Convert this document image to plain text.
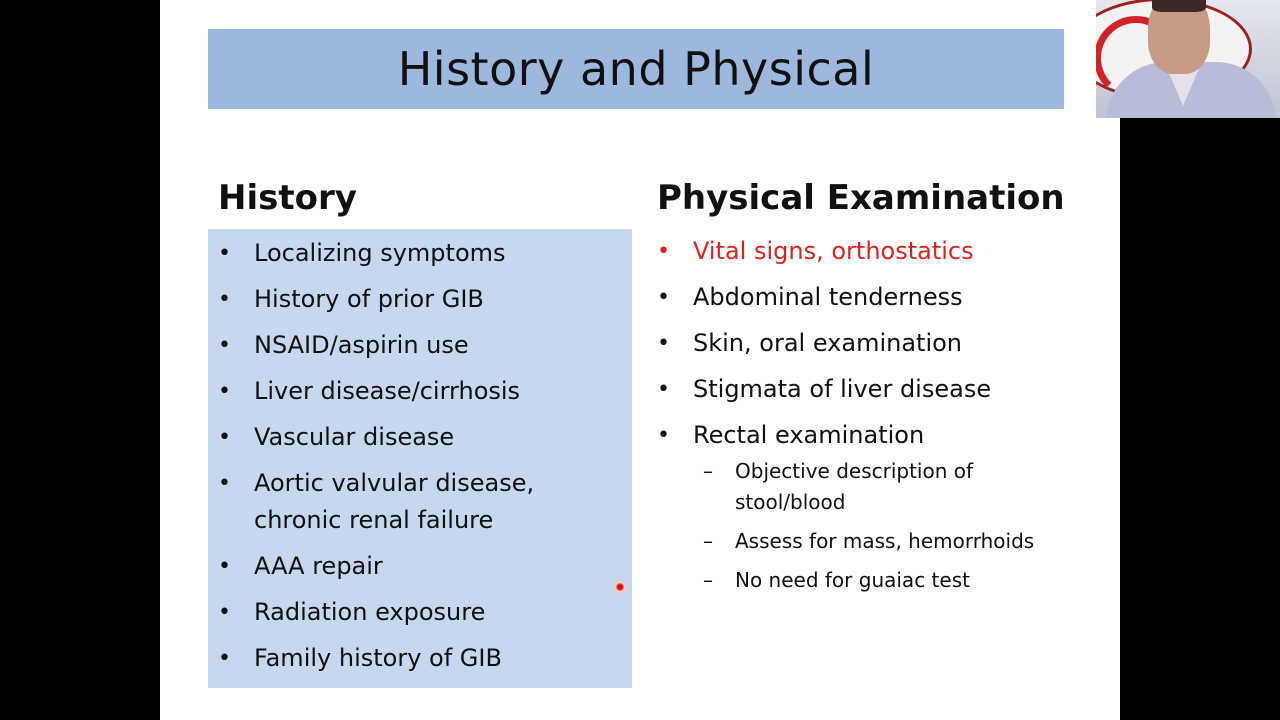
History and Physical
History	Physical Examination
• Localizing symptoms
• History of prior GIB
• NSAID/aspirin use
• Liver disease/cirrhosis
• Vascular disease
• Aortic valvular disease, chronic renal failure
• AAA repair
• Radiation exposure
• Family history of GIB
• Vital signs, orthostatics
• Abdominal tenderness
• Skin, oral examination
• Stigmata of liver disease
• Rectal examination
– Objective description of stool/blood
– Assess for mass, hemorrhoids
– No need for guaiac test
